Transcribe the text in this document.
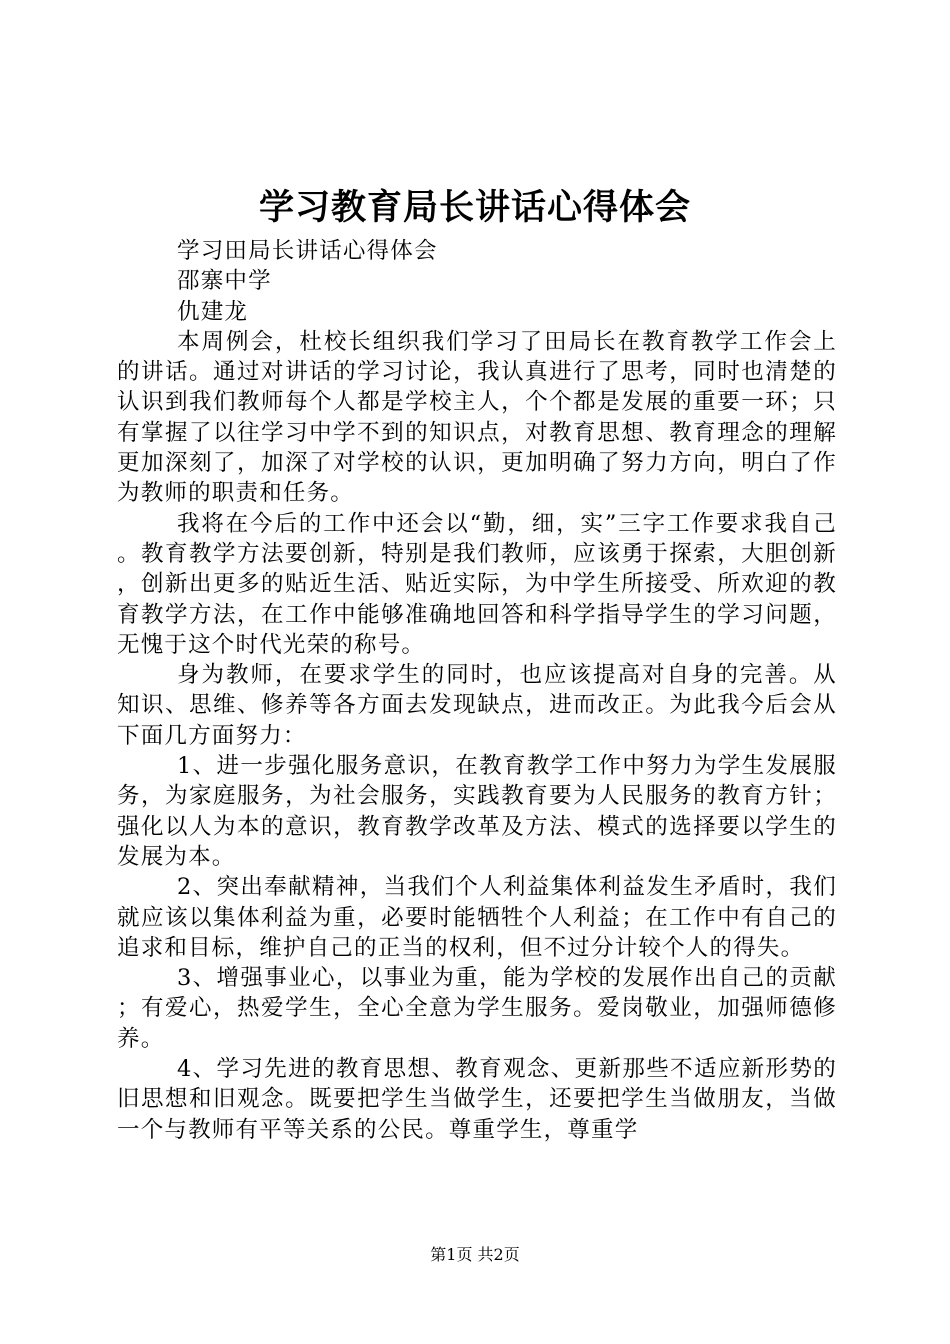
学习教育局长讲话心得体会

学习田局长讲话心得体会

邵寨中学

仇建龙

本周例会，杜校长组织我们学习了田局长在教育教学工作会上的讲话。通过对讲话的学习讨论，我认真进行了思考，同时也清楚的认识到我们教师每个人都是学校主人，个个都是发展的重要一环；只有掌握了以往学习中学不到的知识点，对教育思想、教育理念的理解更加深刻了，加深了对学校的认识，更加明确了努力方向，明白了作为教师的职责和任务。

我将在今后的工作中还会以“勤，细，实”三字工作要求我自己。教育教学方法要创新，特别是我们教师，应该勇于探索，大胆创新，创新出更多的贴近生活、贴近实际，为中学生所接受、所欢迎的教育教学方法，在工作中能够准确地回答和科学指导学生的学习问题，无愧于这个时代光荣的称号。

身为教师，在要求学生的同时，也应该提高对自身的完善。从知识、思维、修养等各方面去发现缺点，进而改正。为此我今后会从下面几方面努力：

1、进一步强化服务意识，在教育教学工作中努力为学生发展服务，为家庭服务，为社会服务，实践教育要为人民服务的教育方针；强化以人为本的意识，教育教学改革及方法、模式的选择要以学生的发展为本。

2、突出奉献精神，当我们个人利益集体利益发生矛盾时，我们就应该以集体利益为重，必要时能牺牲个人利益；在工作中有自己的追求和目标，维护自己的正当的权利，但不过分计较个人的得失。

3、增强事业心，以事业为重，能为学校的发展作出自己的贡献；有爱心，热爱学生，全心全意为学生服务。爱岗敬业，加强师德修养。

4、学习先进的教育思想、教育观念、更新那些不适应新形势的旧思想和旧观念。既要把学生当做学生，还要把学生当做朋友，当做一个与教师有平等关系的公民。尊重学生，尊重学

第1页 共2页
